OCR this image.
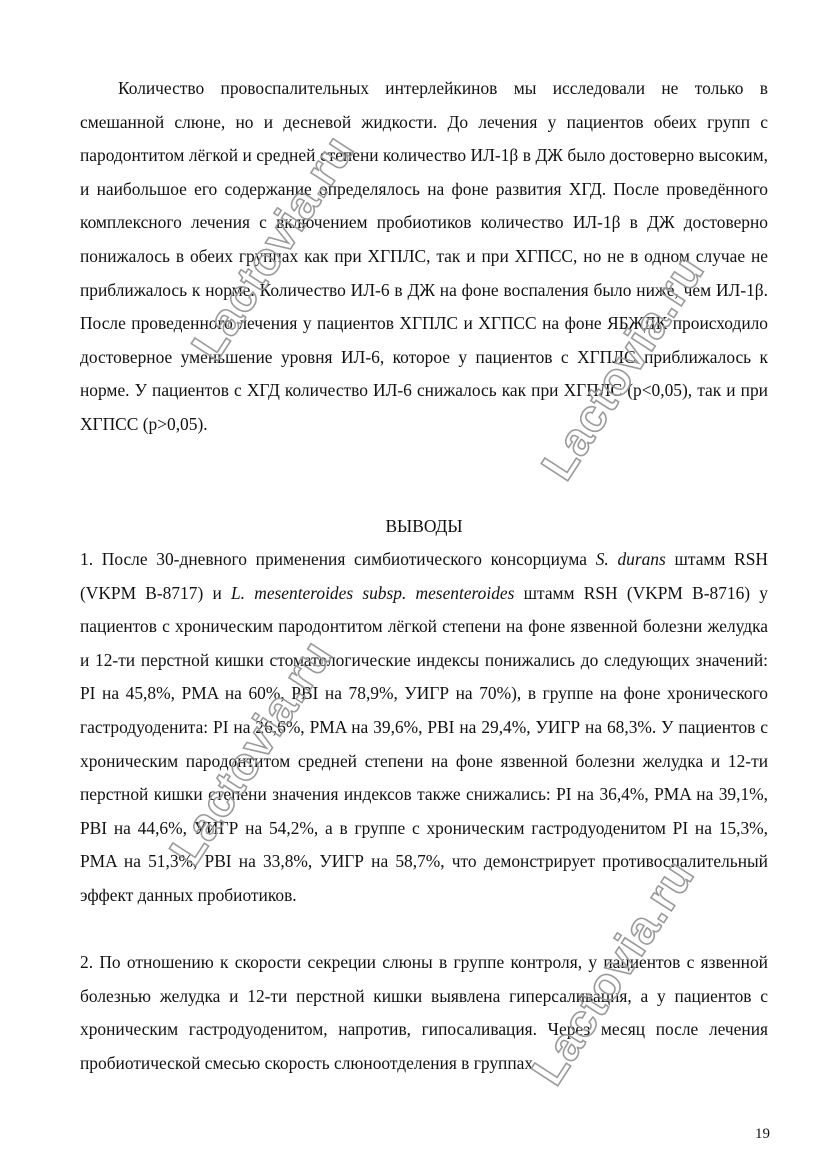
Количество провоспалительных интерлейкинов мы исследовали не только в смешанной слюне, но и десневой жидкости. До лечения у пациентов обеих групп с пародонтитом лёгкой и средней степени количество ИЛ-1β в ДЖ было достоверно высоким, и наибольшое его содержание определялось на фоне развития ХГД. После проведённого комплексного лечения с включением пробиотиков количество ИЛ-1β в ДЖ достоверно понижалось в обеих группах как при ХГПЛС, так и при ХГПСС, но не в одном случае не приближалось к норме. Количество ИЛ-6 в ДЖ на фоне воспаления было ниже, чем ИЛ-1β. После проведенного лечения у пациентов ХГПЛС и ХГПСС на фоне ЯБЖДК происходило достоверное уменьшение уровня ИЛ-6, которое у пациентов с ХГПЛС приближалось к норме. У пациентов с ХГД количество ИЛ-6 снижалось как при ХГПЛС (p<0,05), так и при ХГПСС (p>0,05).

ВЫВОДЫ

1. После 30-дневного применения симбиотического консорциума S. durans штамм RSH (VKPM B-8717) и L. mesenteroides subsp. mesenteroides штамм RSH (VKPM B-8716) у пациентов с хроническим пародонтитом лёгкой степени на фоне язвенной болезни желудка и 12-ти перстной кишки стоматологические индексы понижались до следующих значений: PI на 45,8%, PMA на 60%, PBI на 78,9%, УИГР на 70%), в группе на фоне хронического гастродуоденита: PI на 26,6%, PMA на 39,6%, PBI на 29,4%, УИГР на 68,3%. У пациентов с хроническим пародонтитом средней степени на фоне язвенной болезни желудка и 12-ти перстной кишки степени значения индексов также снижались: PI на 36,4%, PMA на 39,1%, PBI на 44,6%, УИГР на 54,2%, а в группе с хроническим гастродуоденитом PI на 15,3%, PMA на 51,3%, PBI на 33,8%, УИГР на 58,7%, что демонстрирует противоспалительный эффект данных пробиотиков.

2. По отношению к скорости секреции слюны в группе контроля, у пациентов с язвенной болезнью желудка и 12-ти перстной кишки выявлена гиперсаливация, а у пациентов с хроническим гастродуоденитом, напротив, гипосаливация. Через месяц после лечения пробиотической смесью скорость слюноотделения в группах

19
Lactovia.ru	Lactovia.ru
Lactovia.ru
Lactovia.ru
